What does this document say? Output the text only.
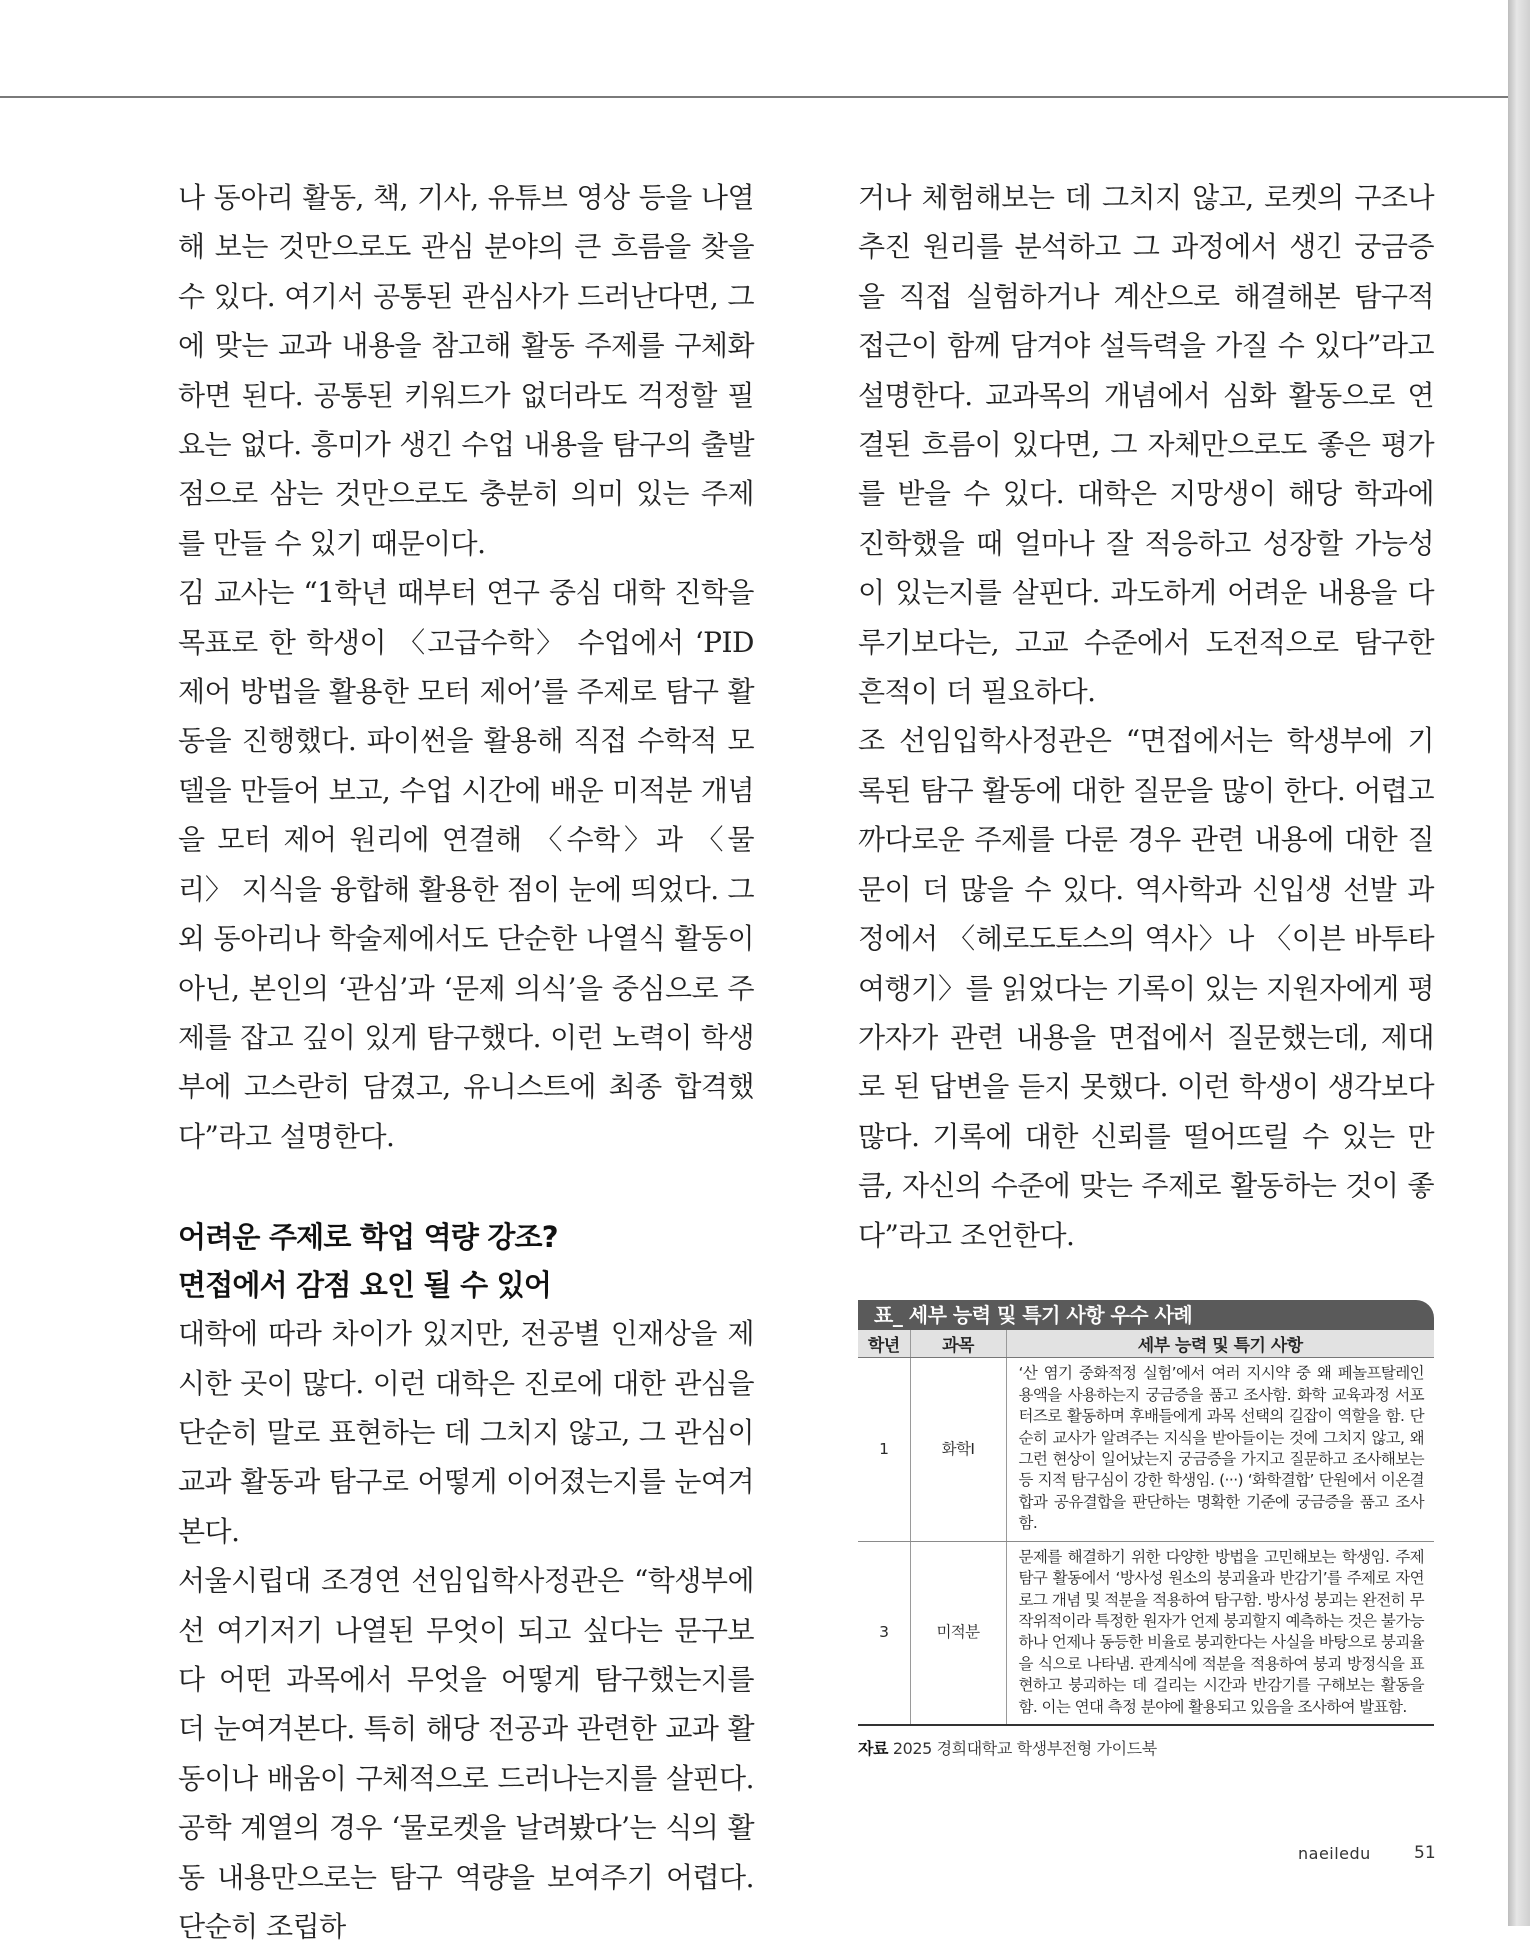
나 동아리 활동, 책, 기사, 유튜브 영상 등을 나열해 보는 것만으로도 관심 분야의 큰 흐름을 찾을 수 있다. 여기서 공통된 관심사가 드러난다면, 그에 맞는 교과 내용을 참고해 활동 주제를 구체화하면 된다. 공통된 키워드가 없더라도 걱정할 필요는 없다. 흥미가 생긴 수업 내용을 탐구의 출발점으로 삼는 것만으로도 충분히 의미 있는 주제를 만들 수 있기 때문이다.

김 교사는 “1학년 때부터 연구 중심 대학 진학을 목표로 한 학생이 〈고급수학〉 수업에서 ‘PID 제어 방법을 활용한 모터 제어’를 주제로 탐구 활동을 진행했다. 파이썬을 활용해 직접 수학적 모델을 만들어 보고, 수업 시간에 배운 미적분 개념을 모터 제어 원리에 연결해 〈수학〉과 〈물리〉 지식을 융합해 활용한 점이 눈에 띄었다. 그 외 동아리나 학술제에서도 단순한 나열식 활동이 아닌, 본인의 ‘관심’과 ‘문제 의식’을 중심으로 주제를 잡고 깊이 있게 탐구했다. 이런 노력이 학생부에 고스란히 담겼고, 유니스트에 최종 합격했다”라고 설명한다.

어려운 주제로 학업 역량 강조?
면접에서 감점 요인 될 수 있어

대학에 따라 차이가 있지만, 전공별 인재상을 제시한 곳이 많다. 이런 대학은 진로에 대한 관심을 단순히 말로 표현하는 데 그치지 않고, 그 관심이 교과 활동과 탐구로 어떻게 이어졌는지를 눈여겨본다.

서울시립대 조경연 선임입학사정관은 “학생부에선 여기저기 나열된 무엇이 되고 싶다는 문구보다 어떤 과목에서 무엇을 어떻게 탐구했는지를 더 눈여겨본다. 특히 해당 전공과 관련한 교과 활동이나 배움이 구체적으로 드러나는지를 살핀다. 공학 계열의 경우 ‘물로켓을 날려봤다’는 식의 활동 내용만으로는 탐구 역량을 보여주기 어렵다. 단순히 조립하

거나 체험해보는 데 그치지 않고, 로켓의 구조나 추진 원리를 분석하고 그 과정에서 생긴 궁금증을 직접 실험하거나 계산으로 해결해본 탐구적 접근이 함께 담겨야 설득력을 가질 수 있다”라고 설명한다. 교과목의 개념에서 심화 활동으로 연결된 흐름이 있다면, 그 자체만으로도 좋은 평가를 받을 수 있다. 대학은 지망생이 해당 학과에 진학했을 때 얼마나 잘 적응하고 성장할 가능성이 있는지를 살핀다. 과도하게 어려운 내용을 다루기보다는, 고교 수준에서 도전적으로 탐구한 흔적이 더 필요하다.

조 선임입학사정관은 “면접에서는 학생부에 기록된 탐구 활동에 대한 질문을 많이 한다. 어렵고 까다로운 주제를 다룬 경우 관련 내용에 대한 질문이 더 많을 수 있다. 역사학과 신입생 선발 과정에서 〈헤로도토스의 역사〉나 〈이븐 바투타 여행기〉를 읽었다는 기록이 있는 지원자에게 평가자가 관련 내용을 면접에서 질문했는데, 제대로 된 답변을 듣지 못했다. 이런 학생이 생각보다 많다. 기록에 대한 신뢰를 떨어뜨릴 수 있는 만큼, 자신의 수준에 맞는 주제로 활동하는 것이 좋다”라고 조언한다.

표_ 세부 능력 및 특기 사항 우수 사례
학년	과목	세부 능력 및 특기 사항
1	화학Ⅰ	‘산 염기 중화적정 실험’에서 여러 지시약 중 왜 페놀프탈레인 용액을 사용하는지 궁금증을 품고 조사함. 화학 교육과정 서포터즈로 활동하며 후배들에게 과목 선택의 길잡이 역할을 함. 단순히 교사가 알려주는 지식을 받아들이는 것에 그치지 않고, 왜 그런 현상이 일어났는지 궁금증을 가지고 질문하고 조사해보는 등 지적 탐구심이 강한 학생임. (···) ‘화학결합’ 단원에서 이온결합과 공유결합을 판단하는 명확한 기준에 궁금증을 품고 조사함.
3	미적분	문제를 해결하기 위한 다양한 방법을 고민해보는 학생임. 주제 탐구 활동에서 ‘방사성 원소의 붕괴율과 반감기’를 주제로 자연로그 개념 및 적분을 적용하여 탐구함. 방사성 붕괴는 완전히 무작위적이라 특정한 원자가 언제 붕괴할지 예측하는 것은 불가능하나 언제나 동등한 비율로 붕괴한다는 사실을 바탕으로 붕괴율을 식으로 나타냄. 관계식에 적분을 적용하여 붕괴 방정식을 표현하고 붕괴하는 데 걸리는 시간과 반감기를 구해보는 활동을 함. 이는 연대 측정 분야에 활용되고 있음을 조사하여 발표함.
자료 2025 경희대학교 학생부전형 가이드북
naeiledu	51
